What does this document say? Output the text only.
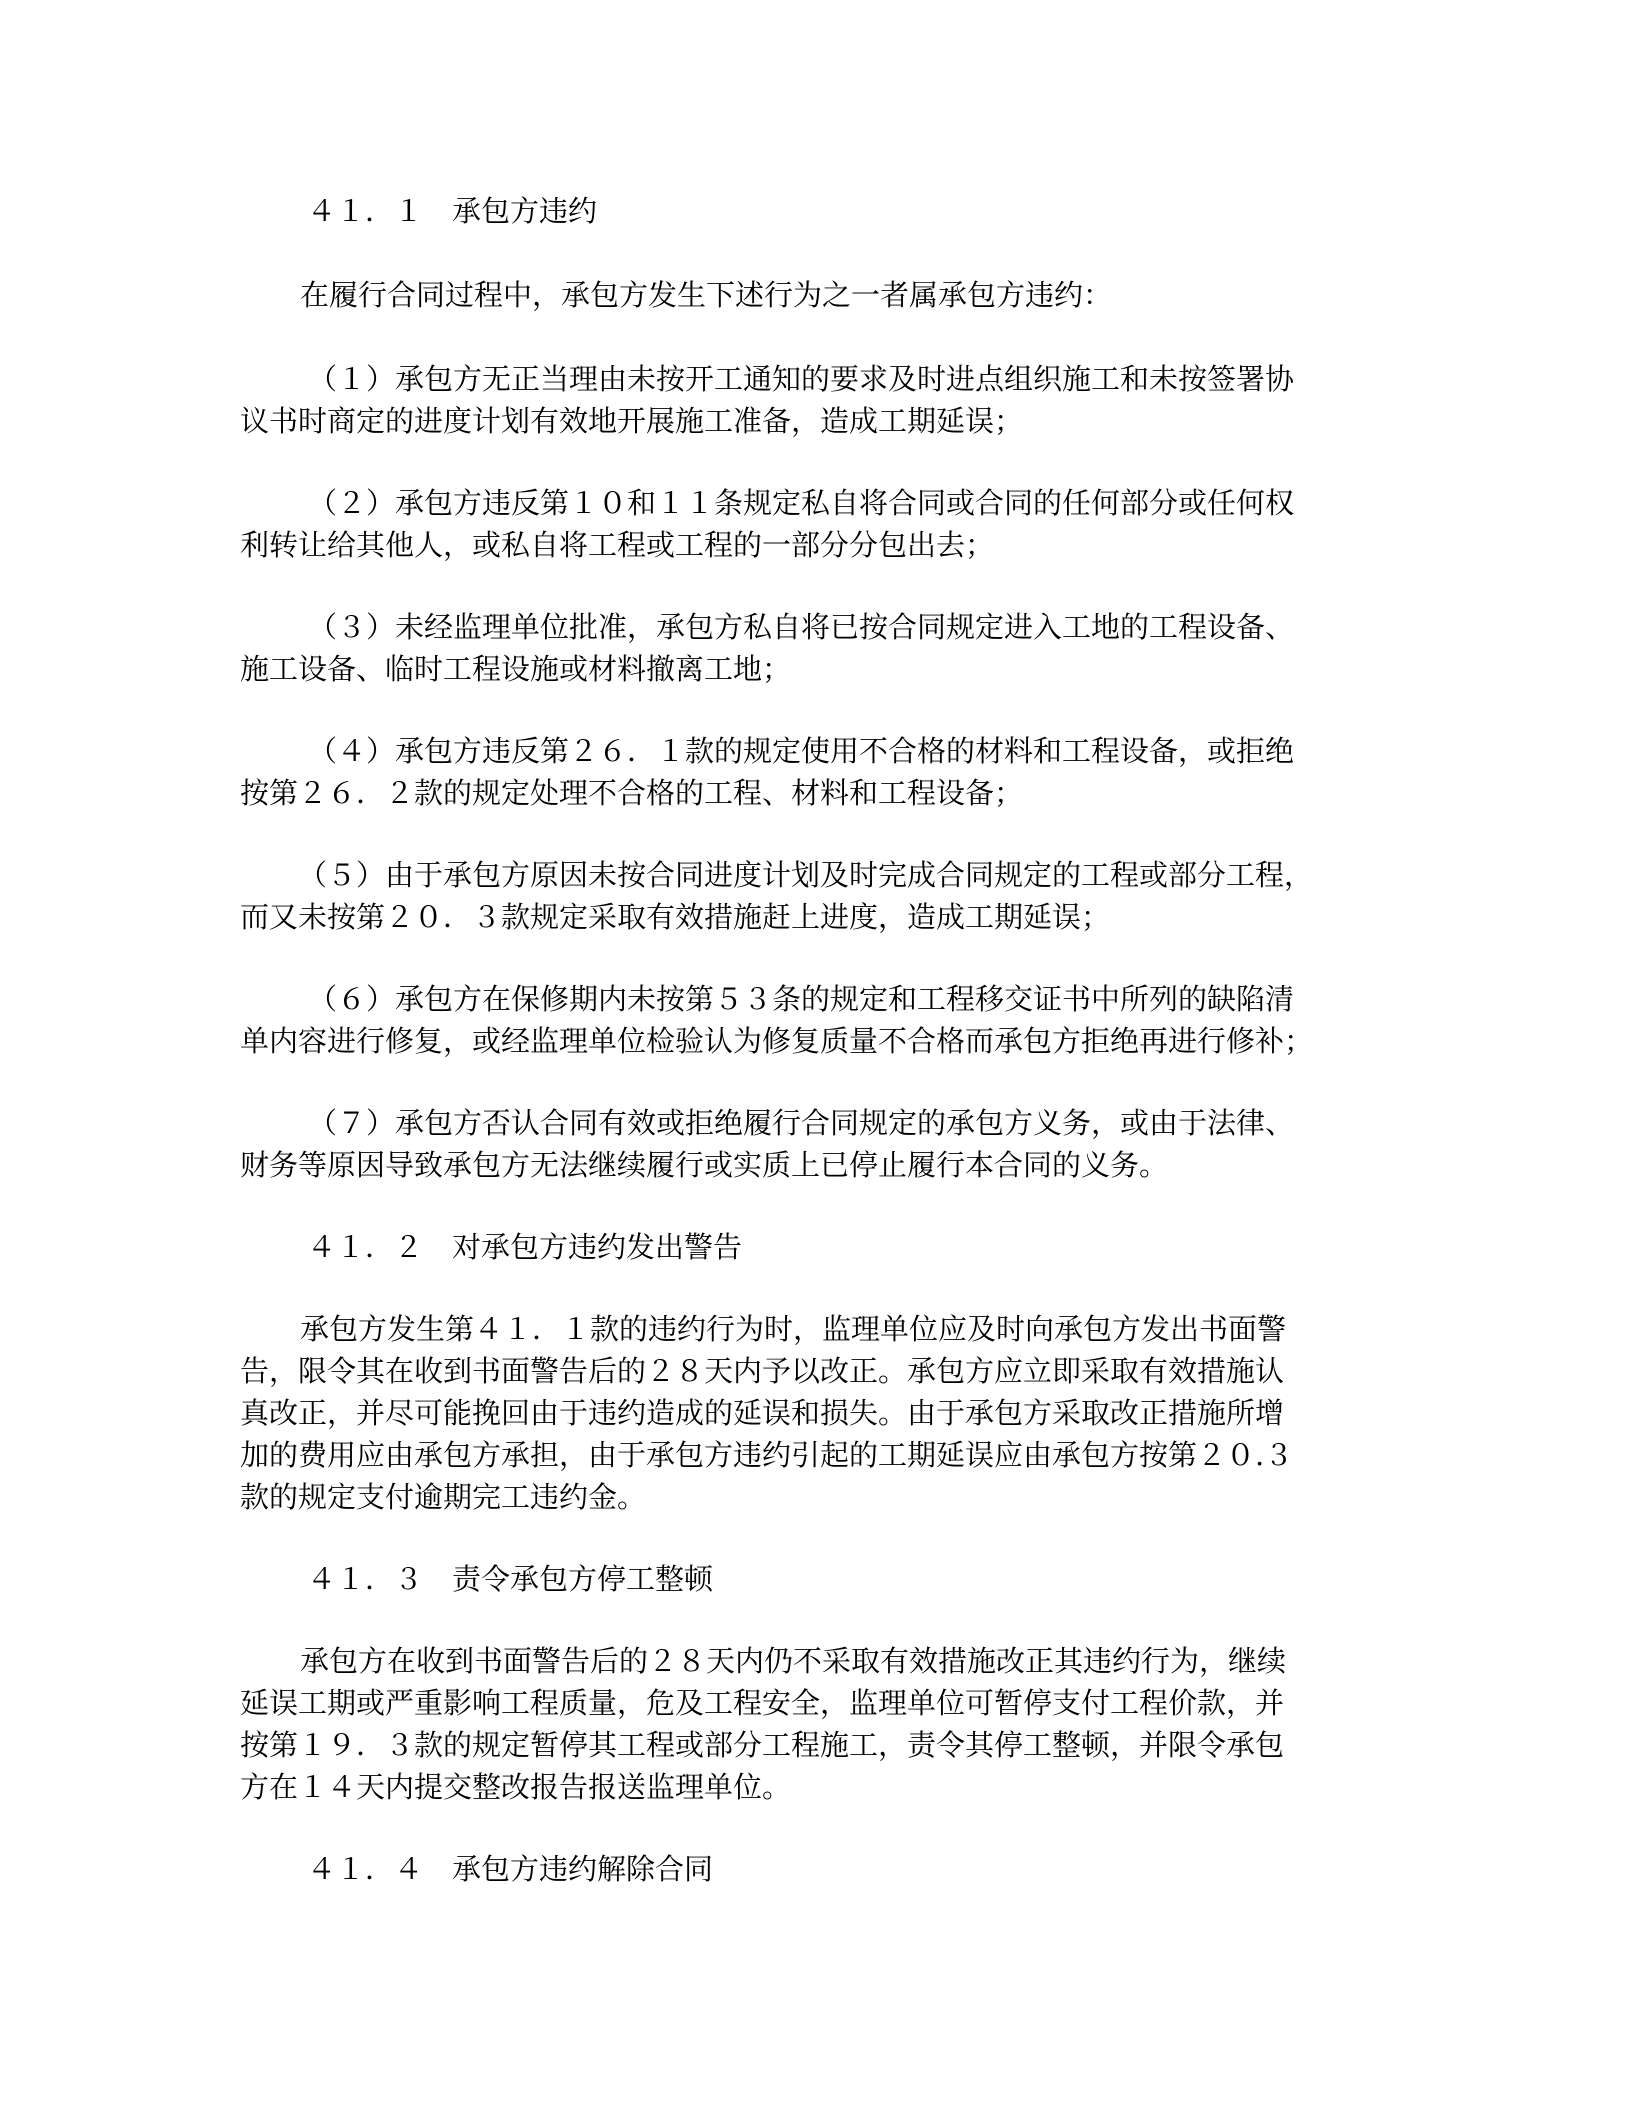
４１．１　承包方违约

在履行合同过程中，承包方发生下述行为之一者属承包方违约：

（１）承包方无正当理由未按开工通知的要求及时进点组织施工和未按签署协

议书时商定的进度计划有效地开展施工准备，造成工期延误；

（２）承包方违反第１０和１１条规定私自将合同或合同的任何部分或任何权

利转让给其他人，或私自将工程或工程的一部分分包出去；

（３）未经监理单位批准，承包方私自将已按合同规定进入工地的工程设备、

施工设备、临时工程设施或材料撤离工地；

（４）承包方违反第２６．１款的规定使用不合格的材料和工程设备，或拒绝

按第２６．２款的规定处理不合格的工程、材料和工程设备；

（５）由于承包方原因未按合同进度计划及时完成合同规定的工程或部分工程，

而又未按第２０．３款规定采取有效措施赶上进度，造成工期延误；

（６）承包方在保修期内未按第５３条的规定和工程移交证书中所列的缺陷清

单内容进行修复，或经监理单位检验认为修复质量不合格而承包方拒绝再进行修补；

（７）承包方否认合同有效或拒绝履行合同规定的承包方义务，或由于法律、

财务等原因导致承包方无法继续履行或实质上已停止履行本合同的义务。

４１．２　对承包方违约发出警告

承包方发生第４１．１款的违约行为时，监理单位应及时向承包方发出书面警

告，限令其在收到书面警告后的２８天内予以改正。承包方应立即采取有效措施认

真改正，并尽可能挽回由于违约造成的延误和损失。由于承包方采取改正措施所增

加的费用应由承包方承担，由于承包方违约引起的工期延误应由承包方按第２０.３

款的规定支付逾期完工违约金。

４１．３　责令承包方停工整顿

承包方在收到书面警告后的２８天内仍不采取有效措施改正其违约行为，继续

延误工期或严重影响工程质量，危及工程安全，监理单位可暂停支付工程价款，并

按第１９．３款的规定暂停其工程或部分工程施工，责令其停工整顿，并限令承包

方在１４天内提交整改报告报送监理单位。

４１．４　承包方违约解除合同
